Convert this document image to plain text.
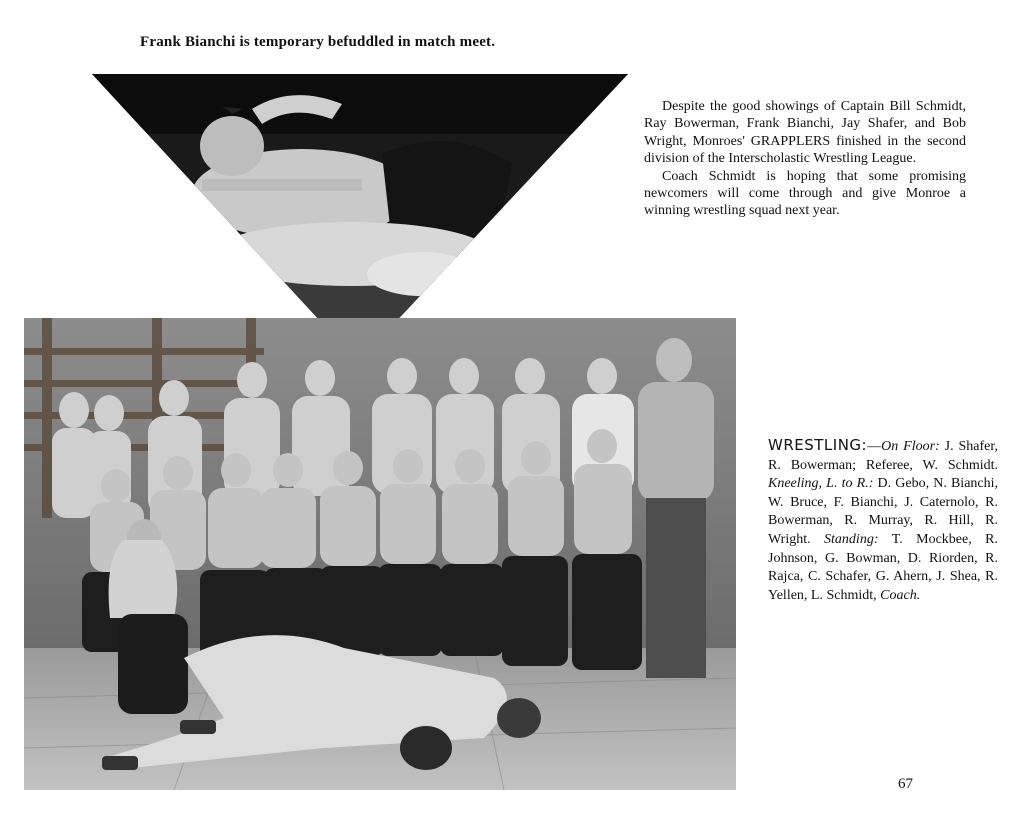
Frank Bianchi is temporary befuddled in match meet.

Despite the good showings of Captain Bill Schmidt, Ray Bowerman, Frank Bianchi, Jay Shafer, and Bob Wright, Monroes' GRAPPLERS finished in the second division of the Interscholastic Wrestling League.

Coach Schmidt is hoping that some promising newcomers will come through and give Monroe a winning wrestling squad next year.

WRESTLING:—On Floor: J. Shafer, R. Bowerman; Referee, W. Schmidt. Kneeling, L. to R.: D. Gebo, N. Bianchi, W. Bruce, F. Bianchi, J. Caternolo, R. Bowerman, R. Murray, R. Hill, R. Wright. Standing: T. Mockbee, R. Johnson, G. Bowman, D. Riorden, R. Rajca, C. Schafer, G. Ahern, J. Shea, R. Yellen, L. Schmidt, Coach.
67
